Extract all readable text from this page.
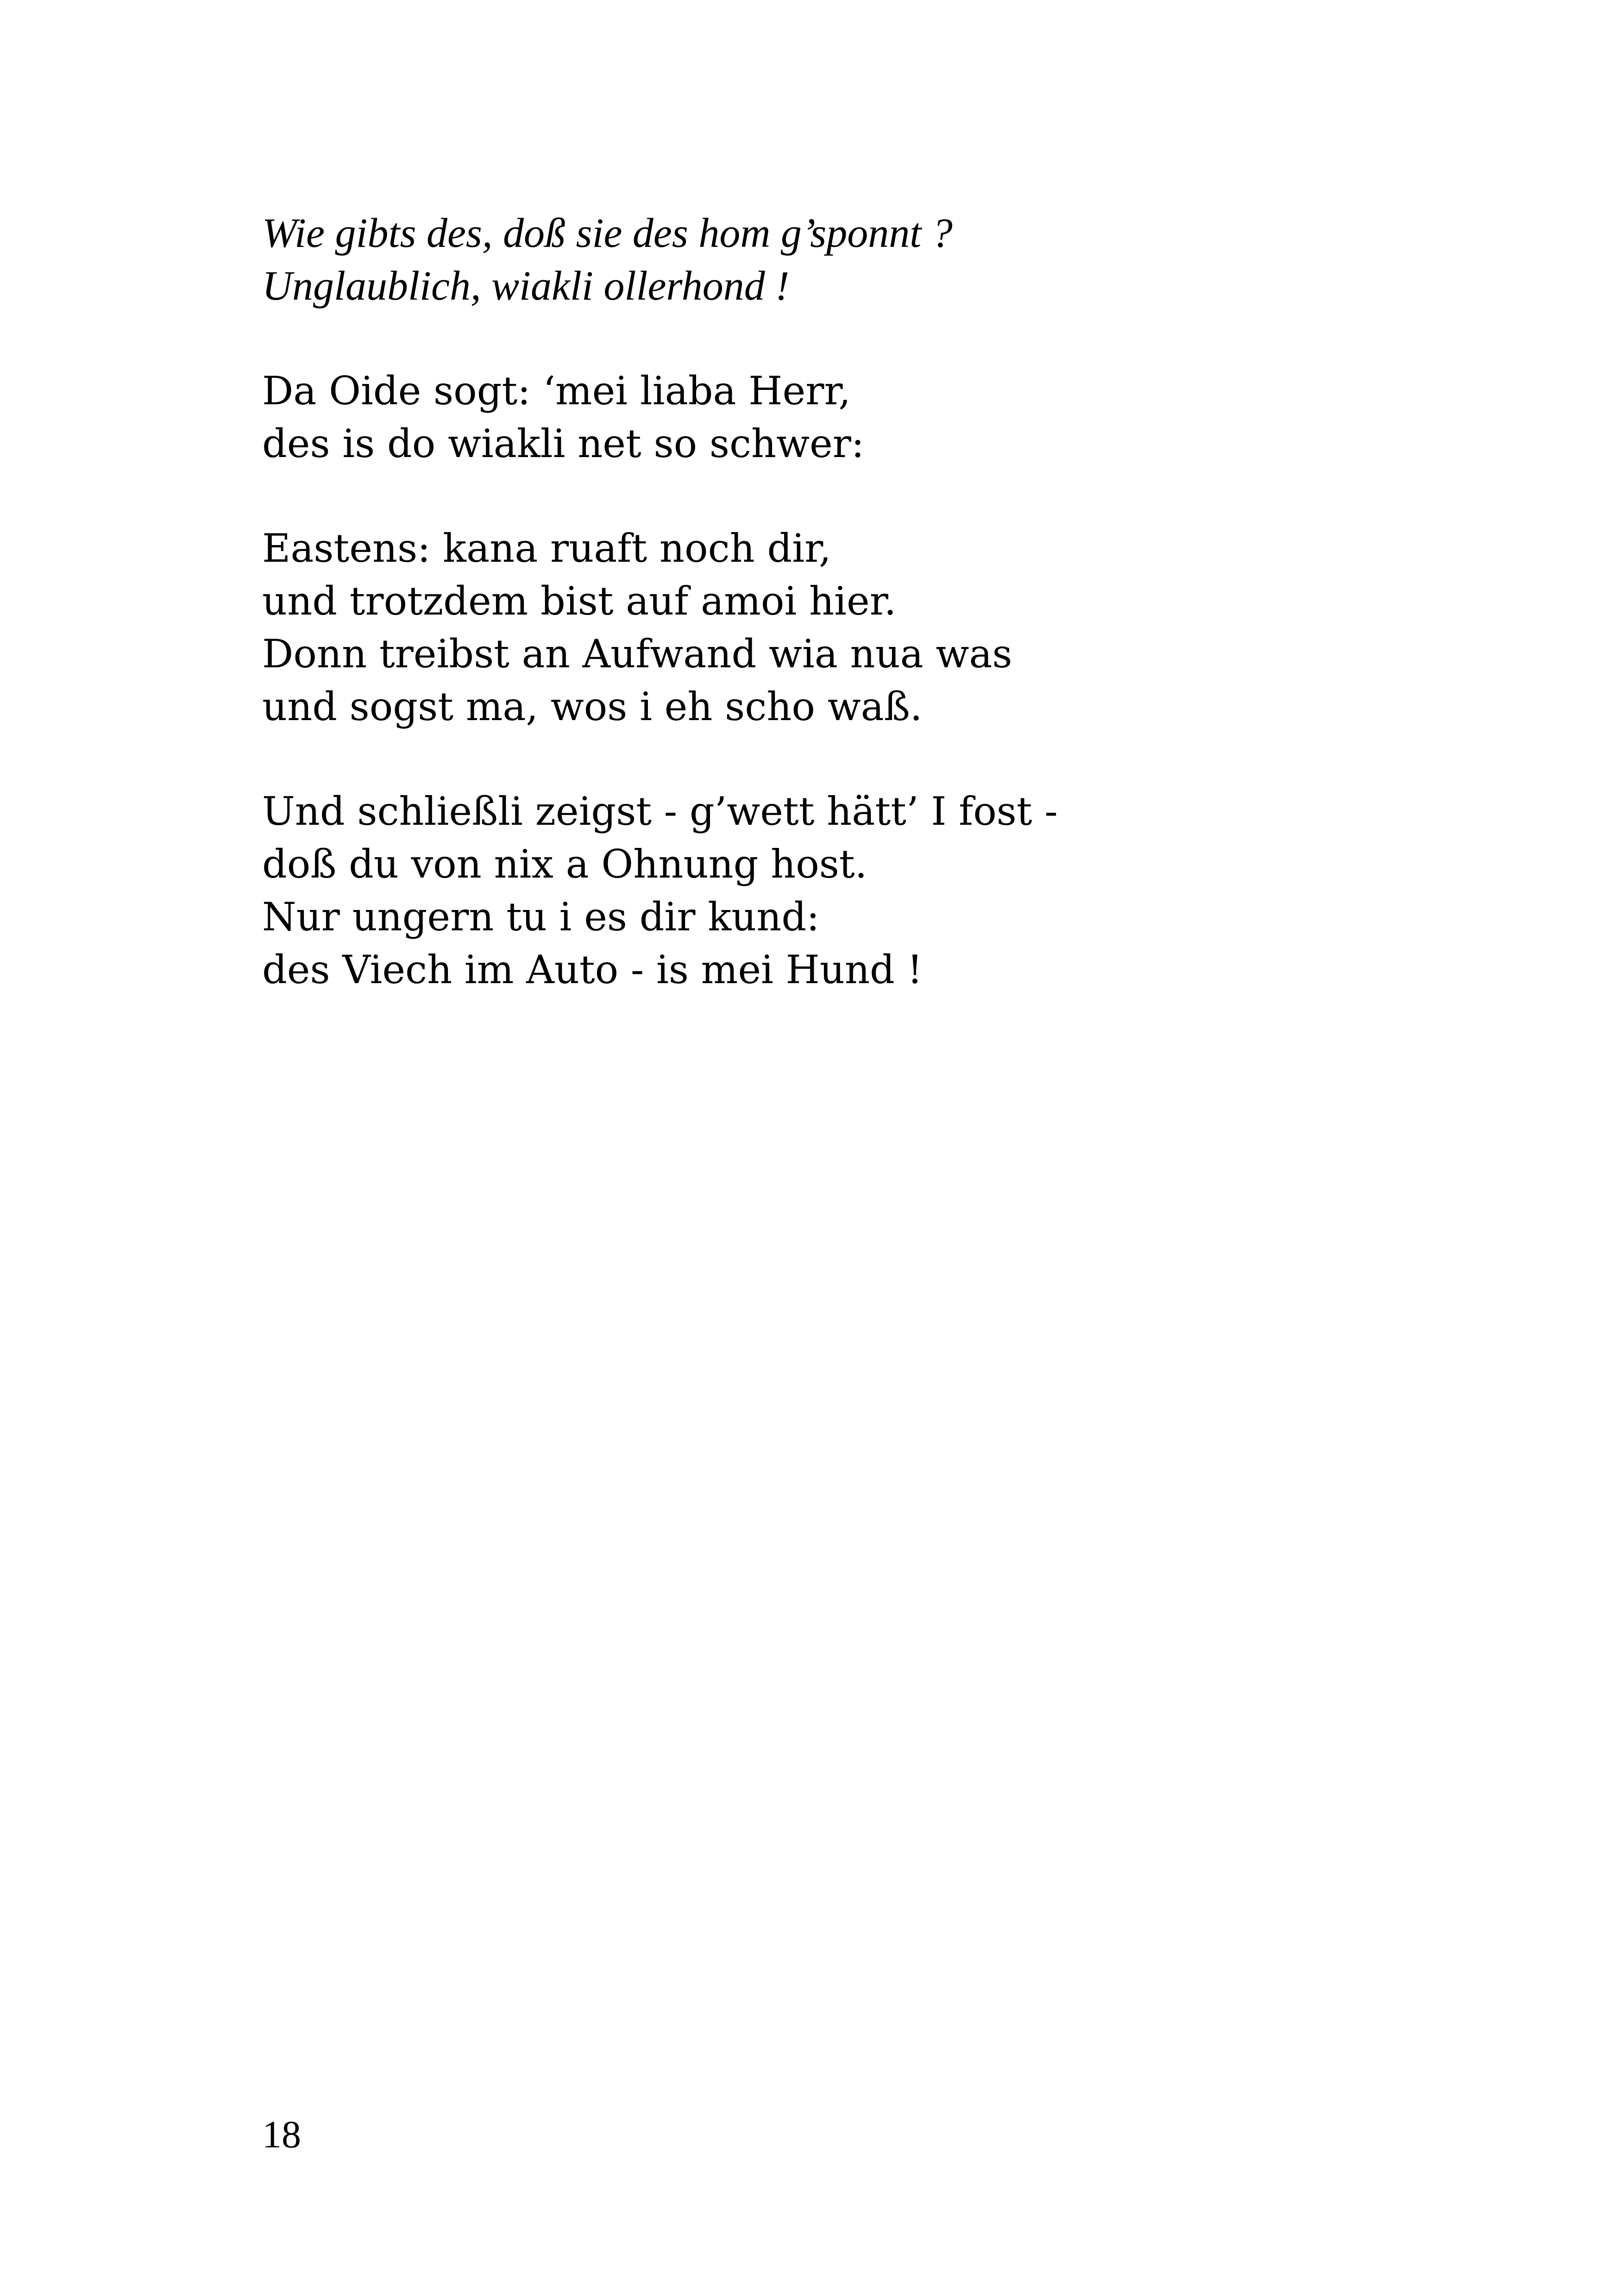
Wie gibts des, doß sie des hom g’sponnt ?
Unglaublich, wiakli ollerhond !
Da Oide sogt: ‘mei liaba Herr,
des is do wiakli net so schwer:
Eastens: kana ruaft noch dir,
und trotzdem bist auf amoi hier.
Donn treibst an Aufwand wia nua was
und sogst ma, wos i eh scho waß.
Und schließli zeigst - g’wett hätt’ I fost -
doß du von nix a Ohnung host.
Nur ungern tu i es dir kund:
des Viech im Auto - is mei Hund !
18
